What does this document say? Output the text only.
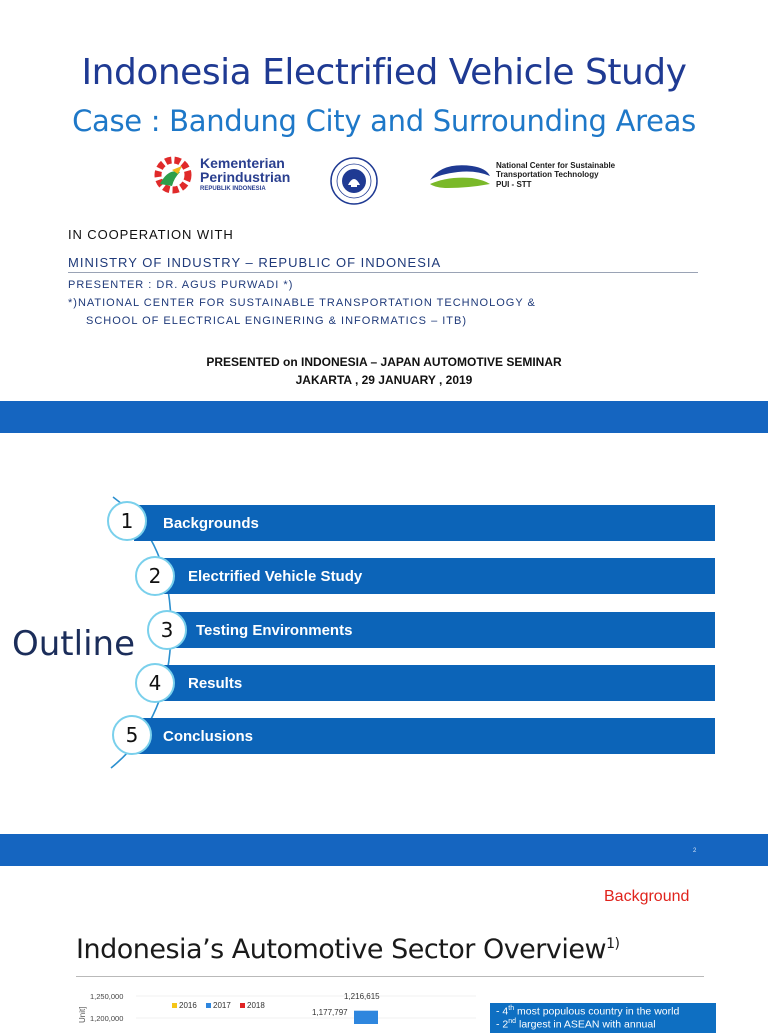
Indonesia Electrified Vehicle Study
Case : Bandung City and Surrounding Areas
Kementerian
Perindustrian
REPUBLIK INDONESIA
National Center for Sustainable
Transportation Technology
PUI - STT
IN COOPERATION WITH
MINISTRY OF INDUSTRY – REPUBLIC OF INDONESIA
PRESENTER : DR. AGUS PURWADI *)
*)NATIONAL CENTER FOR SUSTAINABLE TRANSPORTATION TECHNOLOGY &
SCHOOL OF ELECTRICAL ENGINERING & INFORMATICS – ITB)
PRESENTED on INDONESIA – JAPAN AUTOMOTIVE SEMINAR
JAKARTA , 29 JANUARY , 2019
Outline
Backgrounds
1
Electrified Vehicle Study
2
Testing Environments
3
Results
4
Conclusions
5
2
Background
Indonesia’s Automotive Sector Overview$^{1)}$
Unit]
1,250,000
1,200,000
2016 2017 2018
1,216,615
1,177,797	- 4th most populous country in the world
- 2nd largest in ASEAN with annual
